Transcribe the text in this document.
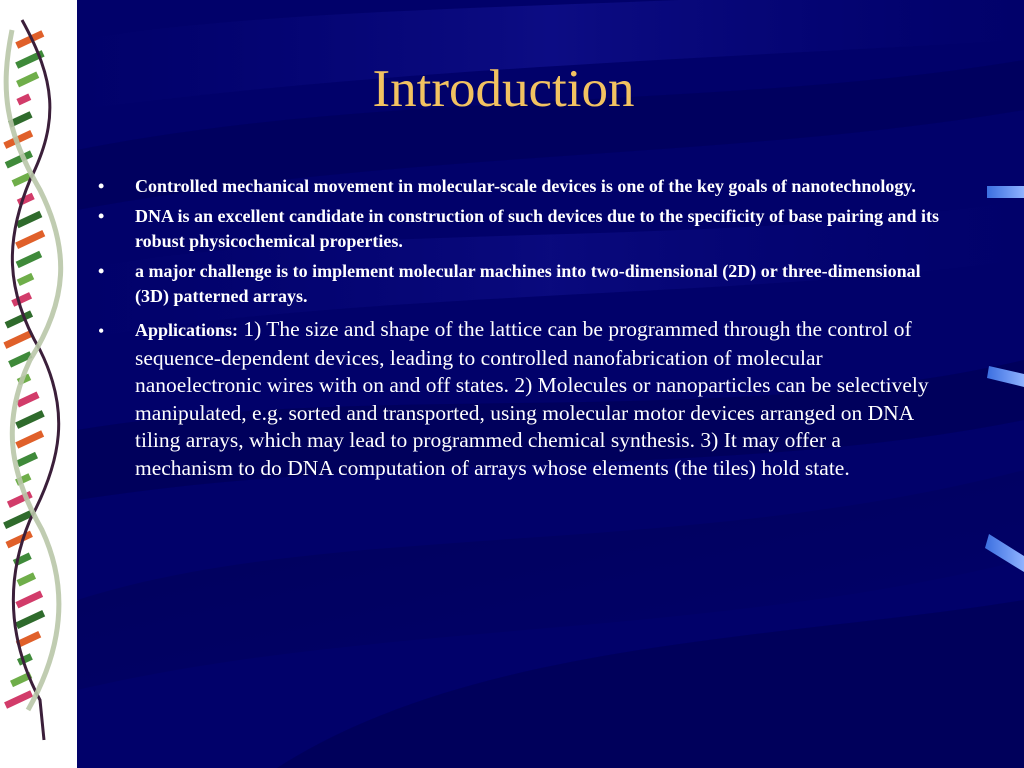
Introduction
• Controlled mechanical movement in molecular-scale devices is one of the key goals of nanotechnology.
• DNA is an excellent candidate in construction of such devices due to the specificity of base pairing and its robust physicochemical properties.
• a major challenge is to implement molecular machines into two-dimensional (2D) or three-dimensional (3D) patterned arrays.
• Applications: 1) The size and shape of the lattice can be programmed through the control of sequence-dependent devices, leading to controlled nanofabrication of molecular nanoelectronic wires with on and off states. 2) Molecules or nanoparticles can be selectively manipulated, e.g. sorted and transported, using molecular motor devices arranged on DNA tiling arrays, which may lead to programmed chemical synthesis. 3) It may offer a mechanism to do DNA computation of arrays whose elements (the tiles) hold state.
